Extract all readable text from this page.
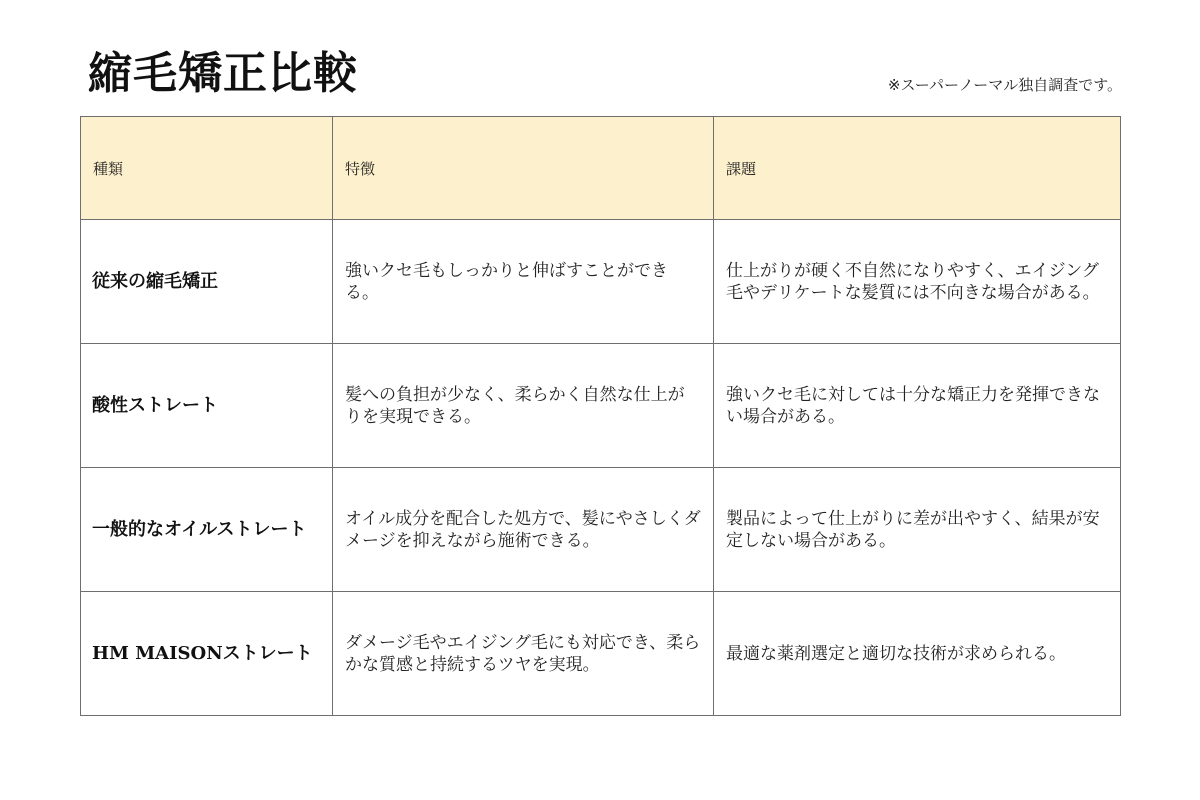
縮毛矯正比較	※スーパーノーマル独自調査です。
種類	特徴	課題
従来の縮毛矯正	強いクセ毛もしっかりと伸ばすことができる。	仕上がりが硬く不自然になりやすく、エイジング毛やデリケートな髪質には不向きな場合がある。
酸性ストレート	髪への負担が少なく、柔らかく自然な仕上がりを実現できる。	強いクセ毛に対しては十分な矯正力を発揮できない場合がある。
一般的なオイルストレート	オイル成分を配合した処方で、髪にやさしくダメージを抑えながら施術できる。	製品によって仕上がりに差が出やすく、結果が安定しない場合がある。
HM MAISONストレート	ダメージ毛やエイジング毛にも対応でき、柔らかな質感と持続するツヤを実現。	最適な薬剤選定と適切な技術が求められる。
